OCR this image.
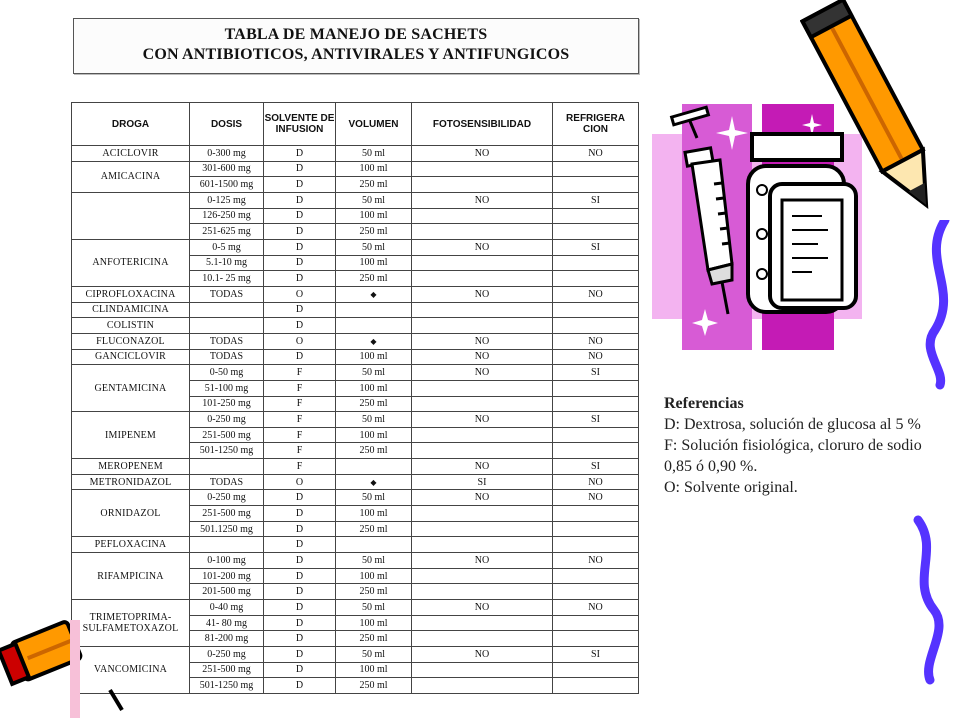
TABLA DE MANEJO DE SACHETS
CON ANTIBIOTICOS, ANTIVIRALES Y ANTIFUNGICOS
DROGA	DOSIS	SOLVENTE DE INFUSION	VOLUMEN	FOTOSENSIBILIDAD	REFRIGERA CION
ACICLOVIR	0-300 mg	D	50 ml	NO	NO
AMICACINA	301-600 mg	D	100 ml		
	601-1500 mg	D	250 ml		
	0-125 mg	D	50 ml	NO	SI
	126-250 mg	D	100 ml		
	251-625 mg	D	250 ml		
ANFOTERICINA	0-5 mg	D	50 ml	NO	SI
	5.1-10 mg	D	100 ml		
	10.1- 25 mg	D	250 ml		
CIPROFLOXACINA	TODAS	O	◆	NO	NO
CLINDAMICINA		D			
COLISTIN		D			
FLUCONAZOL	TODAS	O	◆	NO	NO
GANCICLOVIR	TODAS	D	100 ml	NO	NO
GENTAMICINA	0-50 mg	F	50 ml	NO	SI
	51-100 mg	F	100 ml		
	101-250 mg	F	250 ml		
IMIPENEM	0-250 mg	F	50 ml	NO	SI
	251-500 mg	F	100 ml		
	501-1250 mg	F	250 ml		
MEROPENEM		F		NO	SI
METRONIDAZOL	TODAS	O	◆	SI	NO
ORNIDAZOL	0-250 mg	D	50 ml	NO	NO
	251-500 mg	D	100 ml		
	501.1250 mg	D	250 ml		
PEFLOXACINA		D			
RIFAMPICINA	0-100 mg	D	50 ml	NO	NO
	101-200 mg	D	100 ml		
	201-500 mg	D	250 ml		
TRIMETOPRIMA-SULFAMETOXAZOL	0-40 mg	D	50 ml	NO	NO
	41- 80 mg	D	100 ml		
	81-200 mg	D	250 ml		
VANCOMICINA	0-250 mg	D	50 ml	NO	SI
	251-500 mg	D	100 ml		
	501-1250 mg	D	250 ml		
Referencias
D: Dextrosa, solución de glucosa al 5 %
F: Solución fisiológica, cloruro de sodio
0,85 ó 0,90 %.
O: Solvente original.
